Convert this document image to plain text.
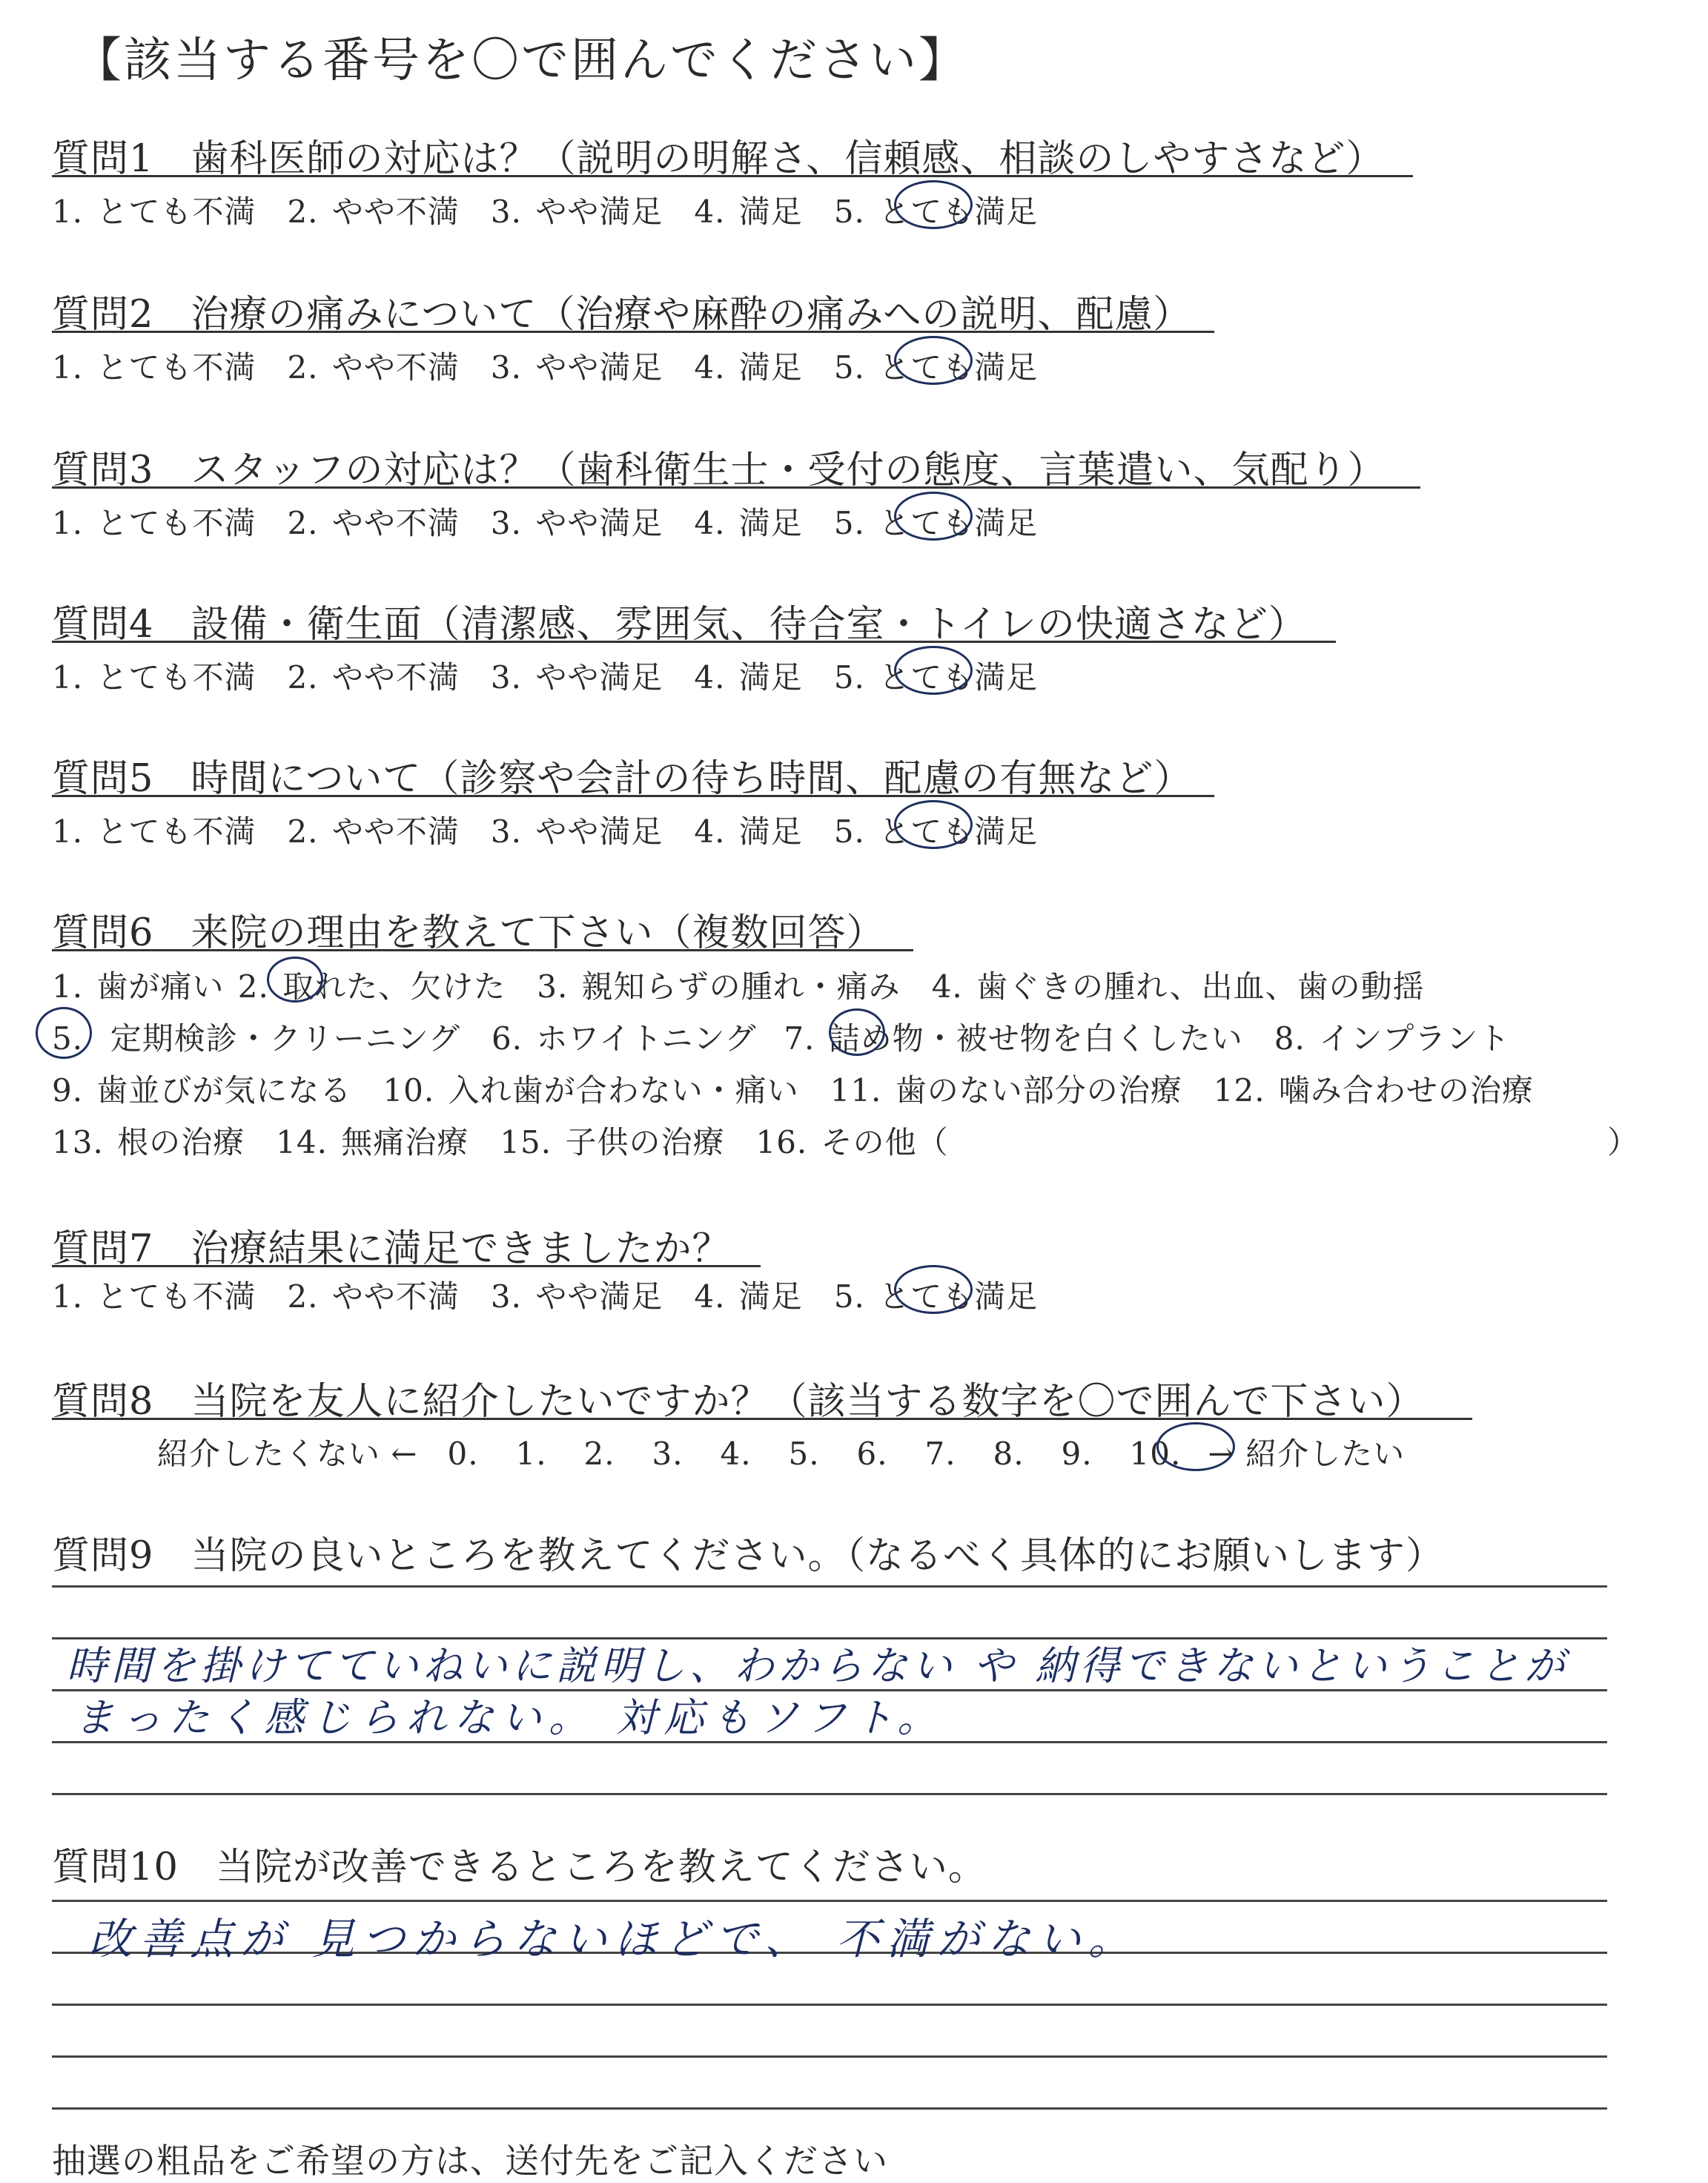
【該当する番号を〇で囲んでください】
質問1 歯科医師の対応は？（説明の明解さ、信頼感、相談のしやすさなど）
1. とても不満 2. やや不満 3. やや満足 4. 満足 5. とても満足
質問2 治療の痛みについて（治療や麻酔の痛みへの説明、配慮）
1. とても不満 2. やや不満 3. やや満足 4. 満足 5. とても満足
質問3 スタッフの対応は？（歯科衛生士・受付の態度、言葉遣い、気配り）
1. とても不満 2. やや不満 3. やや満足 4. 満足 5. とても満足
質問4 設備・衛生面（清潔感、雰囲気、待合室・トイレの快適さなど）
1. とても不満 2. やや不満 3. やや満足 4. 満足 5. とても満足
質問5 時間について（診察や会計の待ち時間、配慮の有無など）
1. とても不満 2. やや不満 3. やや満足 4. 満足 5. とても満足
質問6 来院の理由を教えて下さい（複数回答）
1. 歯が痛い 2. 取れた、欠けた 3. 親知らずの腫れ・痛み 4. 歯ぐきの腫れ、出血、歯の動揺
5. 定期検診・クリーニング 6. ホワイトニング 7. 詰め物・被せ物を白くしたい 8. インプラント
9. 歯並びが気になる 10. 入れ歯が合わない・痛い 11. 歯のない部分の治療 12. 噛み合わせの治療
13. 根の治療 14. 無痛治療 15. 子供の治療 16. その他（	）
質問7 治療結果に満足できましたか？
1. とても不満 2. やや不満 3. やや満足 4. 満足 5. とても満足
質問8 当院を友人に紹介したいですか？（該当する数字を〇で囲んで下さい）
紹介したくない ← 0. 1. 2. 3. 4. 5. 6. 7. 8. 9. 10. → 紹介したい
質問9 当院の良いところを教えてください。（なるべく具体的にお願いします）
時間を掛けてていねいに説明し、わからない や 納得できないということが
まったく感じられない。 対応もソフト。
質問10 当院が改善できるところを教えてください。
改善点が 見つからないほどで、 不満がない。
抽選の粗品をご希望の方は、送付先をご記入ください
